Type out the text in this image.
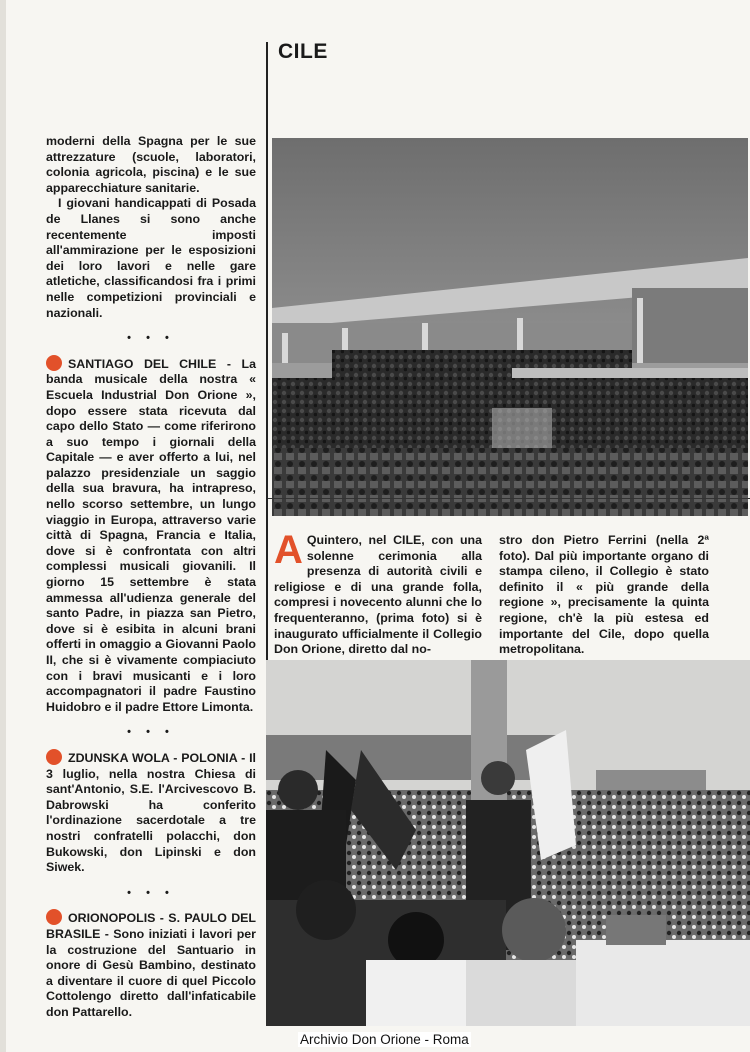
CILE

moderni della Spagna per le sue attrezzature (scuole, laboratori, colonia agricola, piscina) e le sue apparecchiature sanitarie.

I giovani handicappati di Posada de Llanes si sono anche recentemente imposti all'ammirazione per le esposizioni dei loro lavori e nelle gare atletiche, classificandosi fra i primi nelle competizioni provinciali e nazionali.

• • •

SANTIAGO DEL CHILE - La banda musicale della nostra « Escuela Industrial Don Orione », dopo essere stata ricevuta dal capo dello Stato — come riferirono a suo tempo i giornali della Capitale — e aver offerto a lui, nel palazzo presidenziale un saggio della sua bravura, ha intrapreso, nello scorso settembre, un lungo viaggio in Europa, attraverso varie città di Spagna, Francia e Italia, dove si è confrontata con altri complessi musicali giovanili. Il giorno 15 settembre è stata ammessa all'udienza generale del santo Padre, in piazza san Pietro, dove si è esibita in alcuni brani offerti in omaggio a Giovanni Paolo II, che si è vivamente compiaciuto con i bravi musicanti e i loro accompagnatori il padre Faustino Huidobro e il padre Ettore Limonta.

• • •

ZDUNSKA WOLA - POLONIA - Il 3 luglio, nella nostra Chiesa di sant'Antonio, S.E. l'Arcivescovo B. Dabrowski ha conferito l'ordinazione sacerdotale a tre nostri confratelli polacchi, don Bukowski, don Lipinski e don Siwek.

• • •

ORIONOPOLIS - S. PAULO DEL BRASILE - Sono iniziati i lavori per la costruzione del Santuario in onore di Gesù Bambino, destinato a diventare il cuore di quel Piccolo Cottolengo diretto dall'infaticabile don Pattarello.

A Quintero, nel CILE, con una solenne cerimonia alla presenza di autorità civili e religiose e di una grande folla, compresi i novecento alunni che lo frequenteranno, (prima foto) si è inaugurato ufficialmente il Collegio Don Orione, diretto dal no-
stro don Pietro Ferrini (nella 2ª foto). Dal più importante organo di stampa cileno, il Collegio è stato definito il « più grande della regione », precisamente la quinta regione, ch'è la più estesa ed importante del Cile, dopo quella metropolitana.
Archivio Don Orione - Roma
